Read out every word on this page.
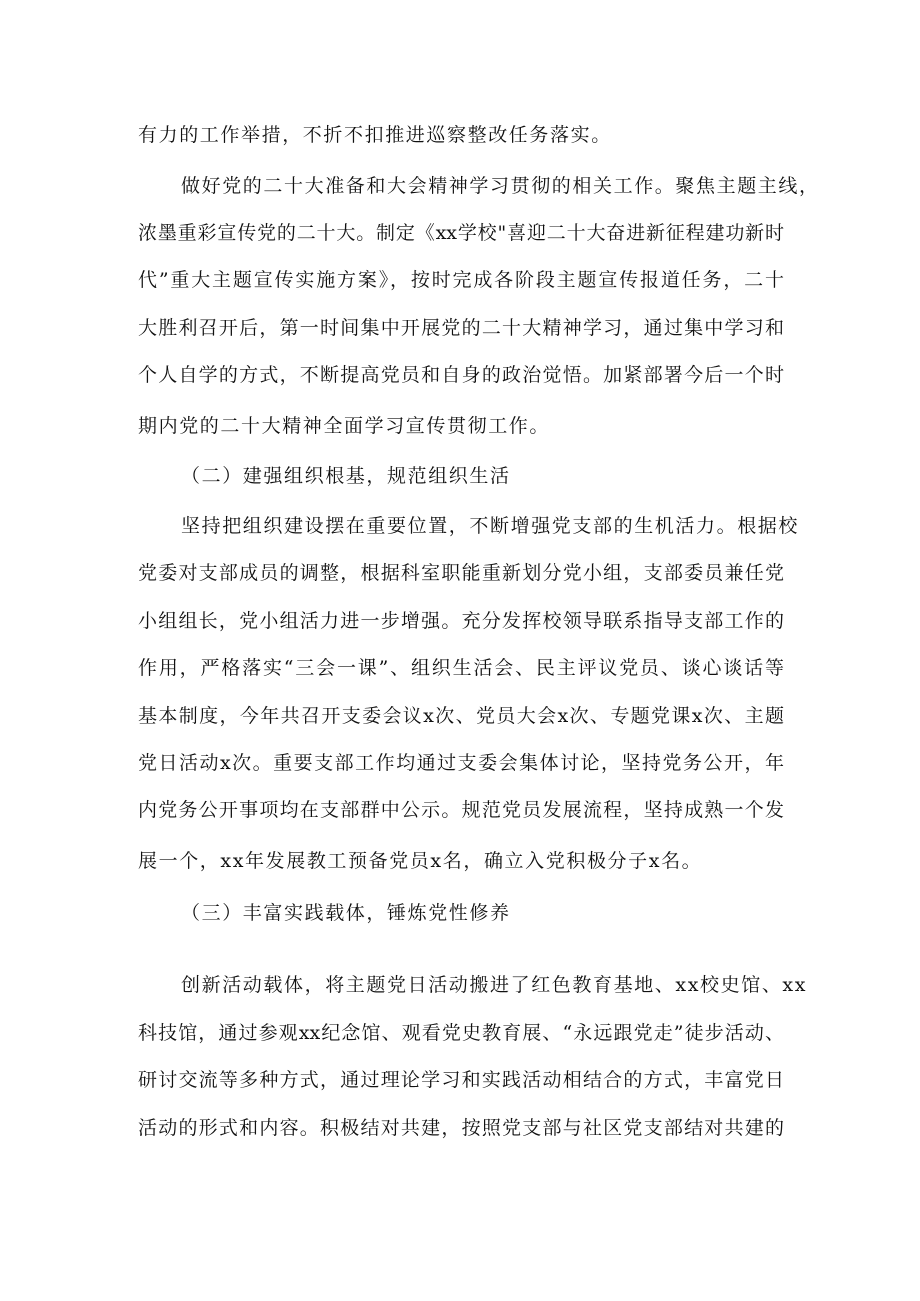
有力的工作举措，不折不扣推进巡察整改任务落实。
做好党的二十大准备和大会精神学习贯彻的相关工作。聚焦主题主线，
浓墨重彩宣传党的二十大。制定《xx学校"喜迎二十大奋进新征程建功新时
代”重大主题宣传实施方案》，按时完成各阶段主题宣传报道任务，二十
大胜利召开后，第一时间集中开展党的二十大精神学习，通过集中学习和
个人自学的方式，不断提高党员和自身的政治觉悟。加紧部署今后一个时
期内党的二十大精神全面学习宣传贯彻工作。
（二）建强组织根基，规范组织生活
坚持把组织建设摆在重要位置，不断增强党支部的生机活力。根据校
党委对支部成员的调整，根据科室职能重新划分党小组，支部委员兼任党
小组组长，党小组活力进一步增强。充分发挥校领导联系指导支部工作的
作用，严格落实“三会一课”、组织生活会、民主评议党员、谈心谈话等
基本制度，今年共召开支委会议x次、党员大会x次、专题党课x次、主题
党日活动x次。重要支部工作均通过支委会集体讨论，坚持党务公开，年
内党务公开事项均在支部群中公示。规范党员发展流程，坚持成熟一个发
展一个，xx年发展教工预备党员x名，确立入党积极分子x名。
（三）丰富实践载体，锤炼党性修养
创新活动载体，将主题党日活动搬进了红色教育基地、xx校史馆、xx
科技馆，通过参观xx纪念馆、观看党史教育展、“永远跟党走”徒步活动、
研讨交流等多种方式，通过理论学习和实践活动相结合的方式，丰富党日
活动的形式和内容。积极结对共建，按照党支部与社区党支部结对共建的
